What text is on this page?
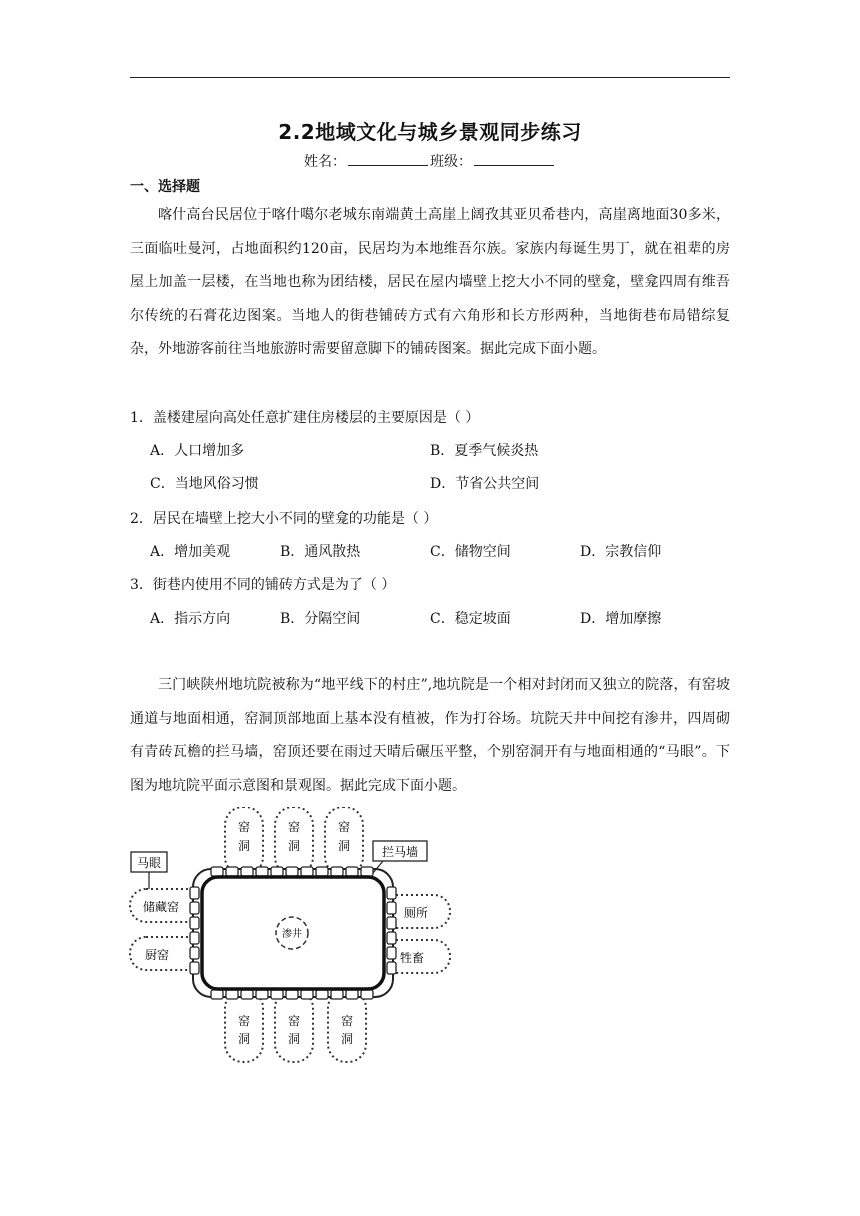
2.2地域文化与城乡景观同步练习
姓名：	班级：
一、选择题
喀什高台民居位于喀什噶尔老城东南端黄土高崖上阔孜其亚贝希巷内，高崖离地面30多米，三面临吐曼河，占地面积约120亩，民居均为本地维吾尔族。家族内每诞生男丁，就在祖辈的房屋上加盖一层楼，在当地也称为团结楼，居民在屋内墙壁上挖大小不同的壁龛，壁龛四周有维吾尔传统的石膏花边图案。当地人的街巷铺砖方式有六角形和长方形两种，当地街巷布局错综复杂，外地游客前往当地旅游时需要留意脚下的铺砖图案。据此完成下面小题。
1．盖楼建屋向高处任意扩建住房楼层的主要原因是（ ）
A．人口增加多	B．夏季气候炎热
C．当地风俗习惯	D．节省公共空间
2．居民在墙壁上挖大小不同的壁龛的功能是（ ）
A．增加美观	B．通风散热	C．储物空间	D．宗教信仰
3．街巷内使用不同的铺砖方式是为了（ ）
A．指示方向	B．分隔空间	C．稳定坡面	D．增加摩擦
三门峡陕州地坑院被称为“地平线下的村庄”,地坑院是一个相对封闭而又独立的院落，有窑坡通道与地面相通，窑洞顶部地面上基本没有植被，作为打谷场。坑院天井中间挖有渗井，四周砌有青砖瓦檐的拦马墙，窑顶还要在雨过天晴后碾压平整，个别窑洞开有与地面相通的“马眼”。下图为地坑院平面示意图和景观图。据此完成下面小题。
窑
洞
窑
洞
窑
洞
窑
洞
窑
洞
窑
洞
储藏窑
厨窑
厕所
牲畜
渗井
马眼
拦马墙
